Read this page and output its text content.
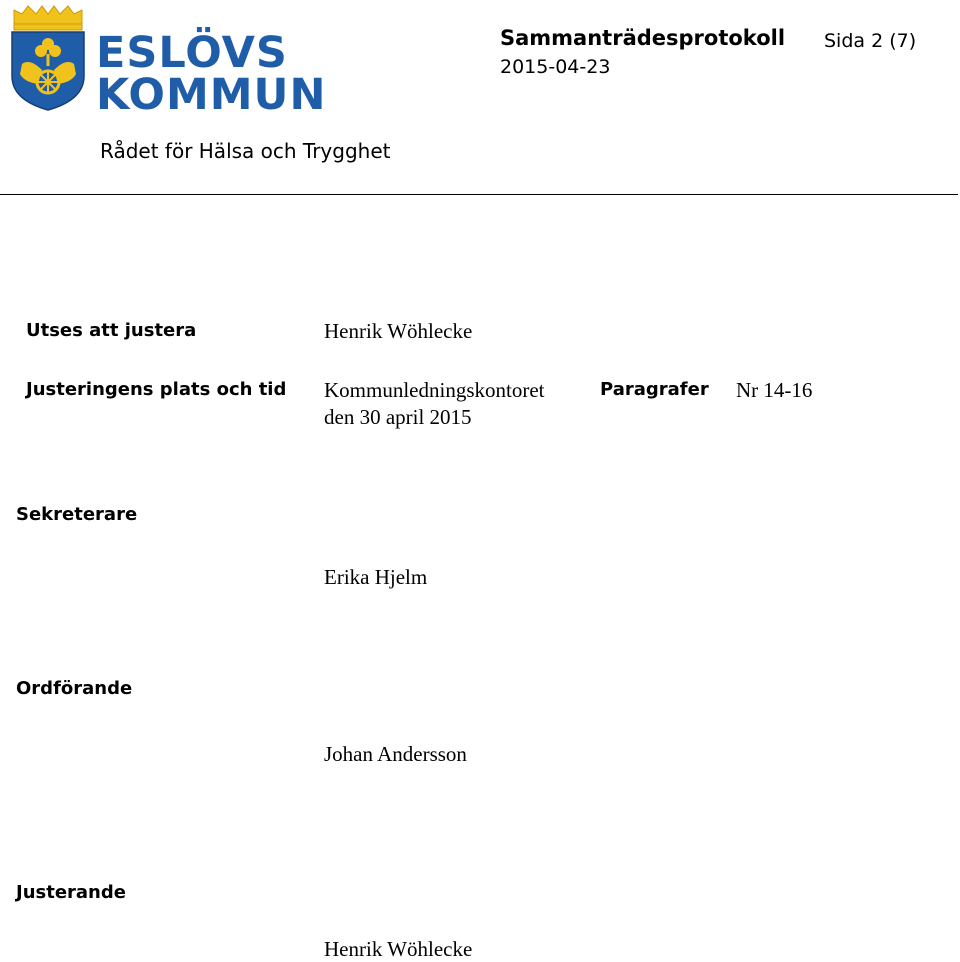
ESLÖVS
KOMMUN
Sammanträdesprotokoll
2015-04-23
Sida 2 (7)
Rådet för Hälsa och Trygghet
Utses att justera	Henrik Wöhlecke
Justeringens plats och tid Kommunledningskontoret
den 30 april 2015
Paragrafer Nr 14-16
Sekreterare
Erika Hjelm
Ordförande
Johan Andersson
Justerande
Henrik Wöhlecke
